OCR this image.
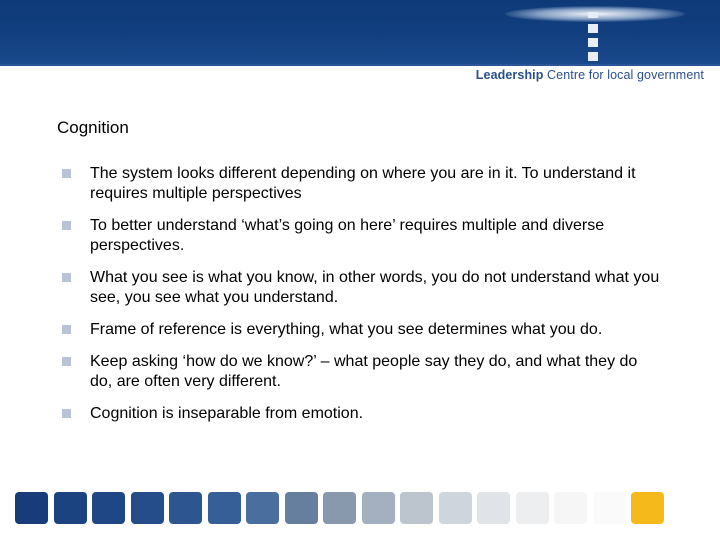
Leadership Centre for local government
Cognition
The system looks different depending on where you are in it. To understand it requires multiple perspectives
To better understand ‘what’s going on here’ requires multiple and diverse perspectives.
What you see is what you know, in other words, you do not understand what you see, you see what you understand.
Frame of reference is everything, what you see determines what you do.
Keep asking ‘how do we know?’ – what people say they do, and what they do do, are often very different.
Cognition is inseparable from emotion.
